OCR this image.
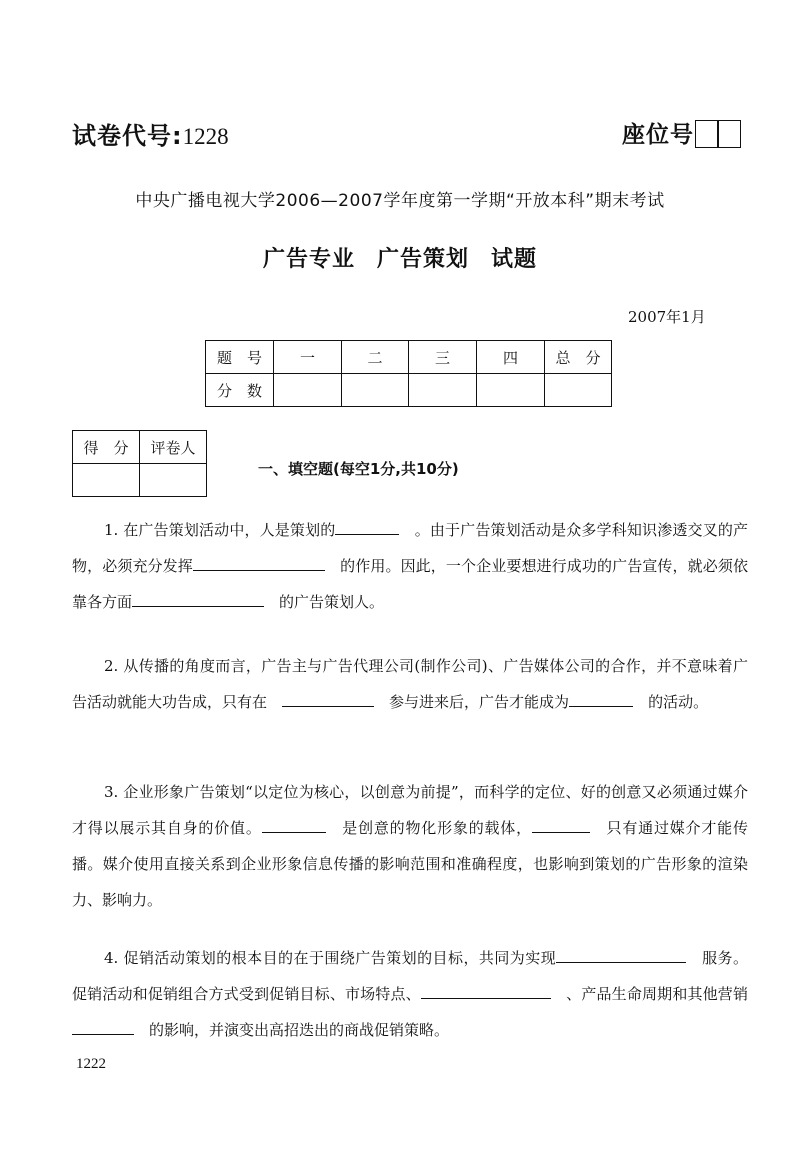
试卷代号:1228	座位号
中央广播电视大学2006—2007学年度第一学期“开放本科”期末考试
广告专业 广告策划 试题
2007年1月
题　号	一	二	三	四	总　分
分　数					
得　分	评卷人

一、填空题(每空1分,共10分)
1. 在广告策划活动中，人是策划的　	。由于广告策划活动是众多学科知识渗透交叉的产物，必须充分发挥　	的作用。因此，一个企业要想进行成功的广告宣传，就必须依靠各方面　	的广告策划人。
2. 从传播的角度而言，广告主与广告代理公司(制作公司)、广告媒体公司的合作，并不意味着广告活动就能大功告成，只有在　　	参与进来后，广告才能成为　	的活动。
3. 企业形象广告策划“以定位为核心，以创意为前提”，而科学的定位、好的创意又必须通过媒介才得以展示其自身的价值。　	是创意的物化形象的载体，　	只有通过媒介才能传播。媒介使用直接关系到企业形象信息传播的影响范围和准确程度，也影响到策划的广告形象的渲染力、影响力。
4. 促销活动策划的根本目的在于围绕广告策划的目标，共同为实现　	服务。促销活动和促销组合方式受到促销目标、市场特点、　	、产品生命周期和其他营销　的影响，并演变出高招迭出的商战促销策略。
1222
